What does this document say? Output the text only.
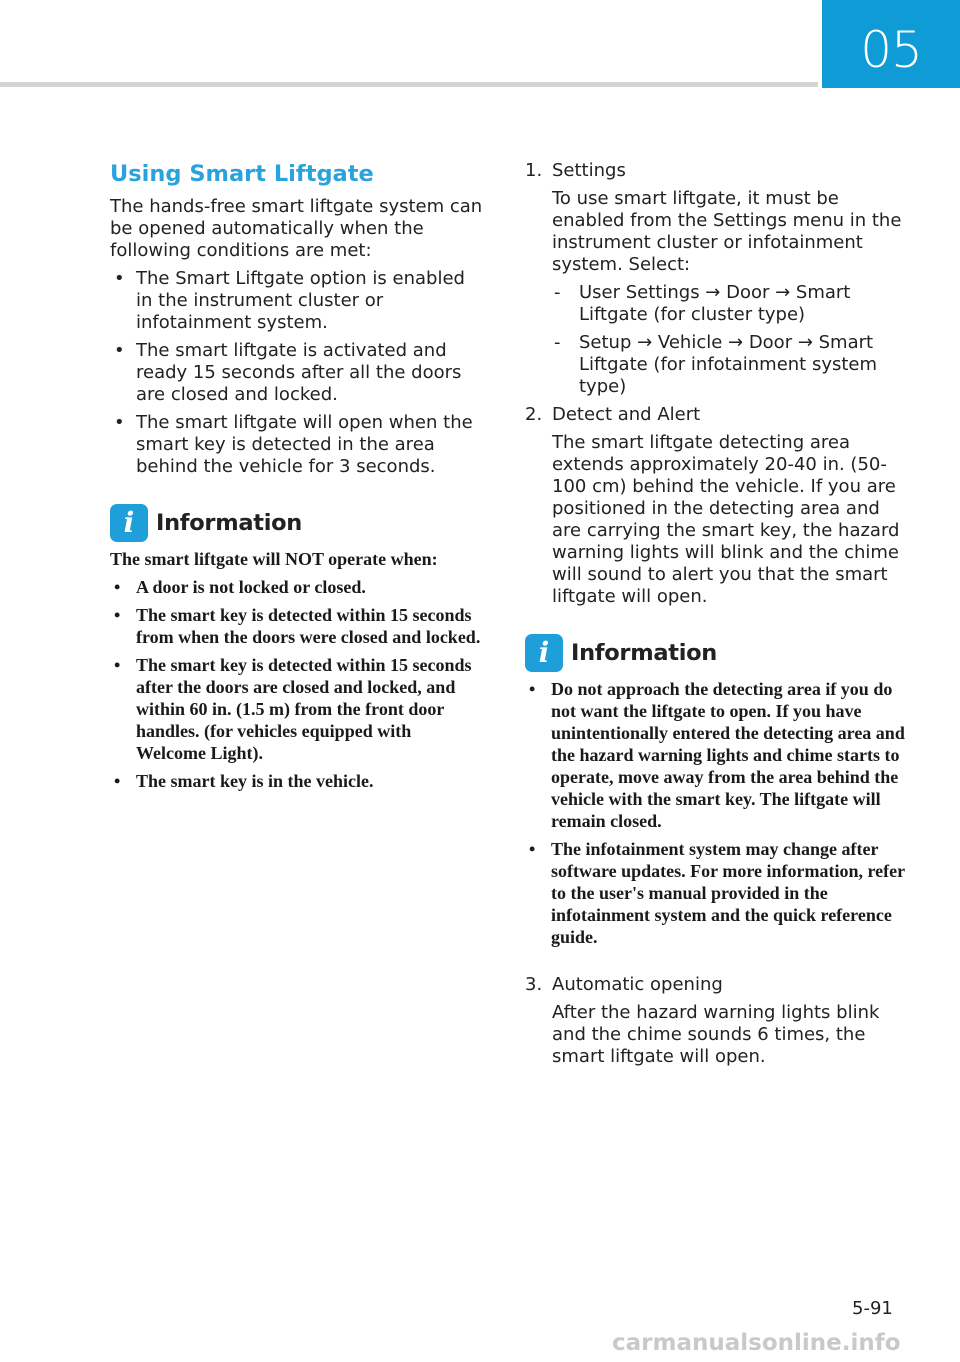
05
Using Smart Liftgate

The hands-free smart liftgate system can be opened automatically when the following conditions are met:

• The Smart Liftgate option is enabled in the instrument cluster or infotainment system.
• The smart liftgate is activated and ready 15 seconds after all the doors are closed and locked.
• The smart liftgate will open when the smart key is detected in the area behind the vehicle for 3 seconds.
i Information

The smart liftgate will NOT operate when:

• A door is not locked or closed.
• The smart key is detected within 15 seconds from when the doors were closed and locked.
• The smart key is detected within 15 seconds after the doors are closed and locked, and within 60 in. (1.5 m) from the front door handles. (for vehicles equipped with Welcome Light).
• The smart key is in the vehicle.
1. Settings
To use smart liftgate, it must be enabled from the Settings menu in the instrument cluster or infotainment system. Select:
- User Settings → Door → Smart Liftgate (for cluster type)
- Setup → Vehicle → Door → Smart Liftgate (for infotainment system type)
2. Detect and Alert
The smart liftgate detecting area extends approximately 20-40 in. (50-100 cm) behind the vehicle. If you are positioned in the detecting area and are carrying the smart key, the hazard warning lights will blink and the chime will sound to alert you that the smart liftgate will open.
i Information
• Do not approach the detecting area if you do not want the liftgate to open. If you have unintentionally entered the detecting area and the hazard warning lights and chime starts to operate, move away from the area behind the vehicle with the smart key. The liftgate will remain closed.
• The infotainment system may change after software updates. For more information, refer to the user's manual provided in the infotainment system and the quick reference guide.
3. Automatic opening
After the hazard warning lights blink and the chime sounds 6 times, the smart liftgate will open.
5-91
carmanualsonline.info
